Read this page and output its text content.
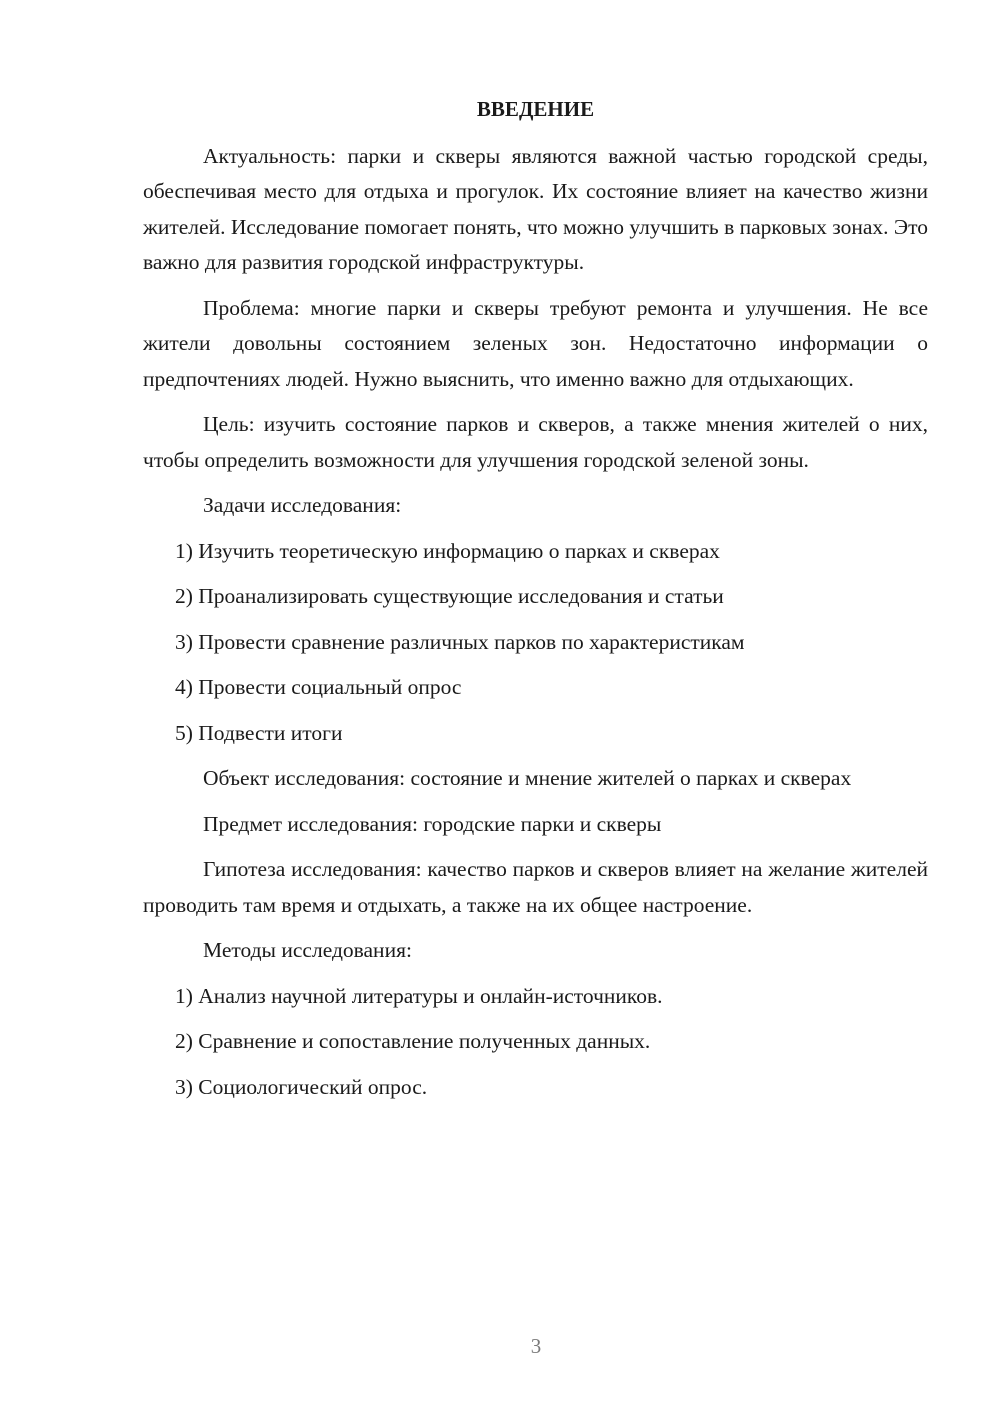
ВВЕДЕНИЕ

Актуальность: парки и скверы являются важной частью городской среды, обеспечивая место для отдыха и прогулок. Их состояние влияет на качество жизни жителей. Исследование помогает понять, что можно улучшить в парковых зонах. Это важно для развития городской инфраструктуры.

Проблема: многие парки и скверы требуют ремонта и улучшения. Не все жители довольны состоянием зеленых зон. Недостаточно информации о предпочтениях людей. Нужно выяснить, что именно важно для отдыхающих.

Цель: изучить состояние парков и скверов, а также мнения жителей о них, чтобы определить возможности для улучшения городской зеленой зоны.

Задачи исследования:

1) Изучить теоретическую информацию о парках и скверах
2) Проанализировать существующие исследования и статьи
3) Провести сравнение различных парков по характеристикам
4) Провести социальный опрос
5) Подвести итоги

Объект исследования: состояние и мнение жителей о парках и скверах

Предмет исследования: городские парки и скверы

Гипотеза исследования: качество парков и скверов влияет на желание жителей проводить там время и отдыхать, а также на их общее настроение.

Методы исследования:

1) Анализ научной литературы и онлайн-источников.
2) Сравнение и сопоставление полученных данных.
3) Социологический опрос.
3
